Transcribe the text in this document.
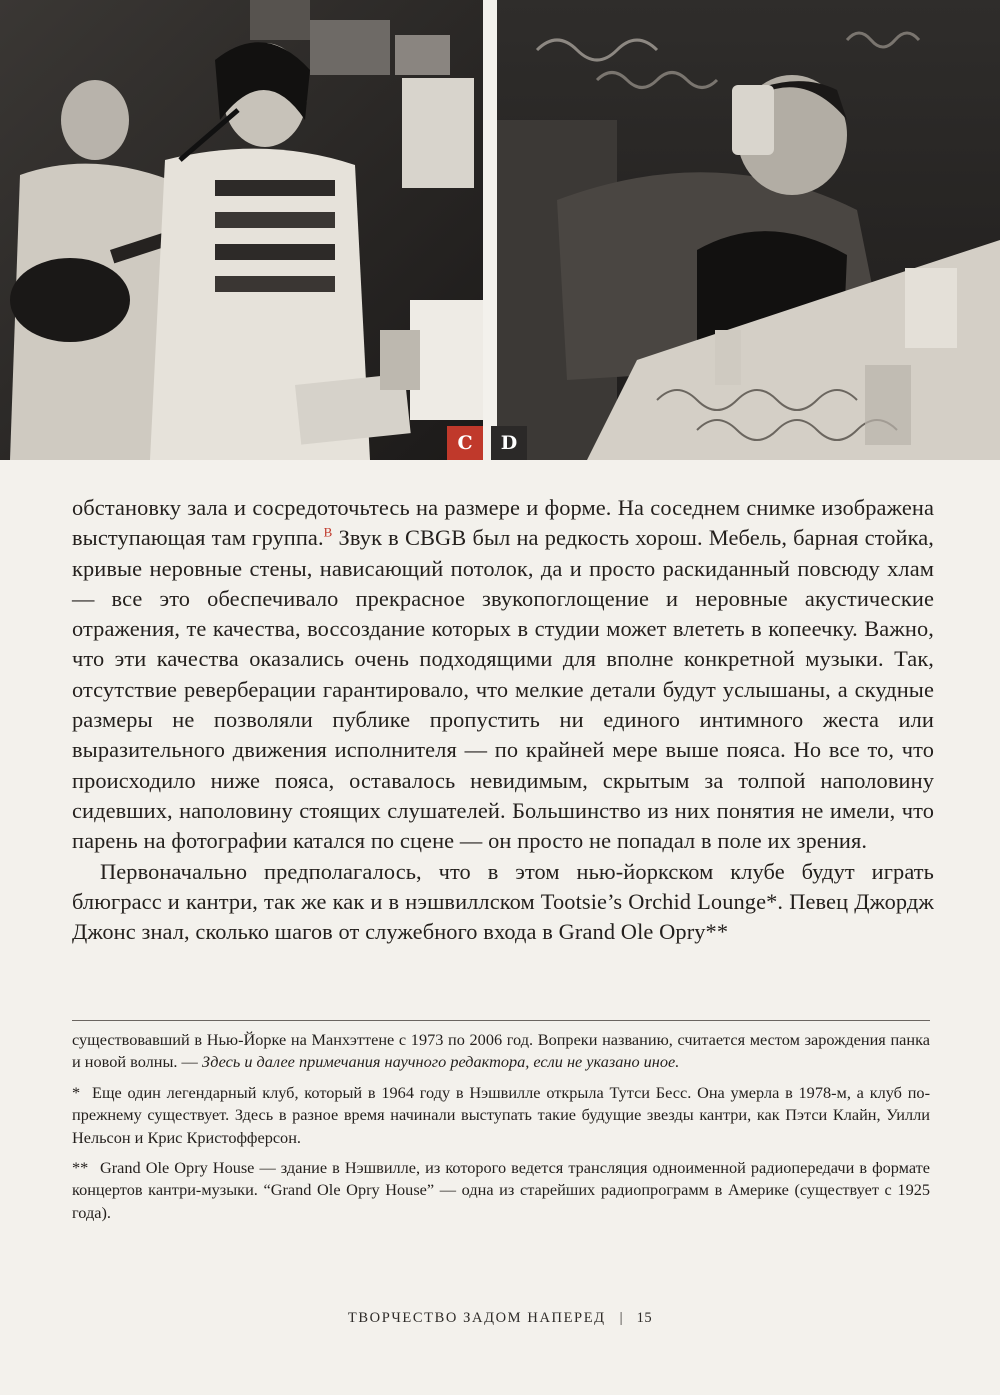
C	D

обстановку зала и сосредоточьтесь на размере и форме. На соседнем снимке изображена выступающая там группа.$^B$ Звук в CBGB был на редкость хорош. Мебель, барная стойка, кривые неровные стены, нависающий потолок, да и просто раскиданный повсюду хлам — все это обеспечивало прекрасное звукопоглощение и неровные акустические отражения, те качества, воссоздание которых в студии может влететь в копеечку. Важно, что эти качества оказались очень подходящими для вполне конкретной музыки. Так, отсутствие реверберации гарантировало, что мелкие детали будут услышаны, а скудные размеры не позволяли публике пропустить ни единого интимного жеста или выразительного движения исполнителя — по крайней мере выше пояса. Но все то, что происходило ниже пояса, оставалось невидимым, скрытым за толпой наполовину сидевших, наполовину стоящих слушателей. Большинство из них понятия не имели, что парень на фотографии катался по сцене — он просто не попадал в поле их зрения.

Первоначально предполагалось, что в этом нью-йоркском клубе будут играть блюграсс и кантри, так же как и в нэшвиллском Tootsie’s Orchid Lounge*. Певец Джордж Джонс знал, сколько шагов от служебного входа в Grand Ole Opry**

существовавший в Нью-Йорке на Манхэттене с 1973 по 2006 год. Вопреки названию, считается местом зарождения панка и новой волны. — Здесь и далее примечания научного редактора, если не указано иное.

* Еще один легендарный клуб, который в 1964 году в Нэшвилле открыла Тутси Бесс. Она умерла в 1978-м, а клуб по-прежнему существует. Здесь в разное время начинали выступать такие будущие звезды кантри, как Пэтси Клайн, Уилли Нельсон и Крис Кристофферсон.

** Grand Ole Opry House — здание в Нэшвилле, из которого ведется трансляция одноименной радиопередачи в формате концертов кантри-музыки. “Grand Ole Opry House” — одна из старейших радиопрограмм в Америке (существует с 1925 года).

ТВОРЧЕСТВО ЗАДОМ НАПЕРЕД | 15
